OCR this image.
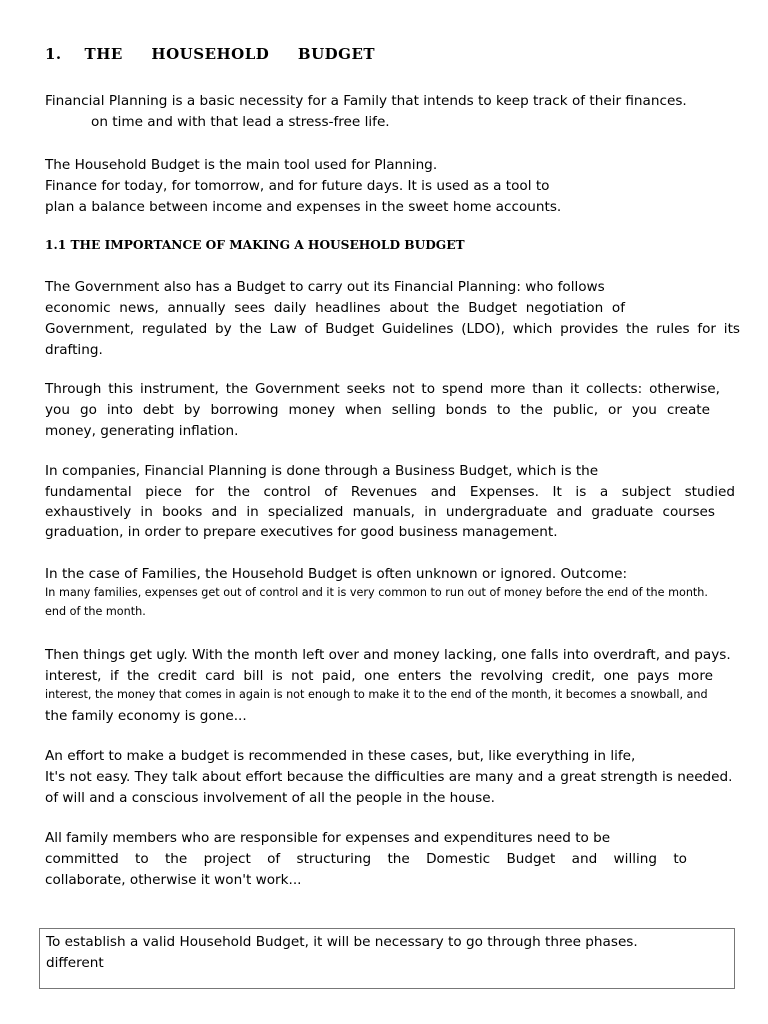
1.    THE     HOUSEHOLD     BUDGET
Financial Planning is a basic necessity for a Family that intends to keep track of their finances.
on time and with that lead a stress-free life.
The Household Budget is the main tool used for Planning.
Finance for today, for tomorrow, and for future days. It is used as a tool to
plan a balance between income and expenses in the sweet home accounts.
1.1 THE IMPORTANCE OF MAKING A HOUSEHOLD BUDGET
The Government also has a Budget to carry out its Financial Planning: who follows
economic news, annually sees daily headlines about the Budget negotiation of
Government, regulated by the Law of Budget Guidelines (LDO), which provides the rules for its
drafting.
Through this instrument, the Government seeks not to spend more than it collects: otherwise,
you go into debt by borrowing money when selling bonds to the public, or you create
money, generating inflation.
In companies, Financial Planning is done through a Business Budget, which is the
fundamental piece for the control of Revenues and Expenses. It is a subject studied
exhaustively in books and in specialized manuals, in undergraduate and graduate courses
graduation, in order to prepare executives for good business management.
In the case of Families, the Household Budget is often unknown or ignored. Outcome:
In many families, expenses get out of control and it is very common to run out of money before the end of the month.
end of the month.
Then things get ugly. With the month left over and money lacking, one falls into overdraft, and pays.
interest, if the credit card bill is not paid, one enters the revolving credit, one pays more
interest, the money that comes in again is not enough to make it to the end of the month, it becomes a snowball, and
the family economy is gone...
An effort to make a budget is recommended in these cases, but, like everything in life,
It's not easy. They talk about effort because the difficulties are many and a great strength is needed.
of will and a conscious involvement of all the people in the house.
All family members who are responsible for expenses and expenditures need to be
committed to the project of structuring the Domestic Budget and willing to
collaborate, otherwise it won't work...
To establish a valid Household Budget, it will be necessary to go through three phases.
different
